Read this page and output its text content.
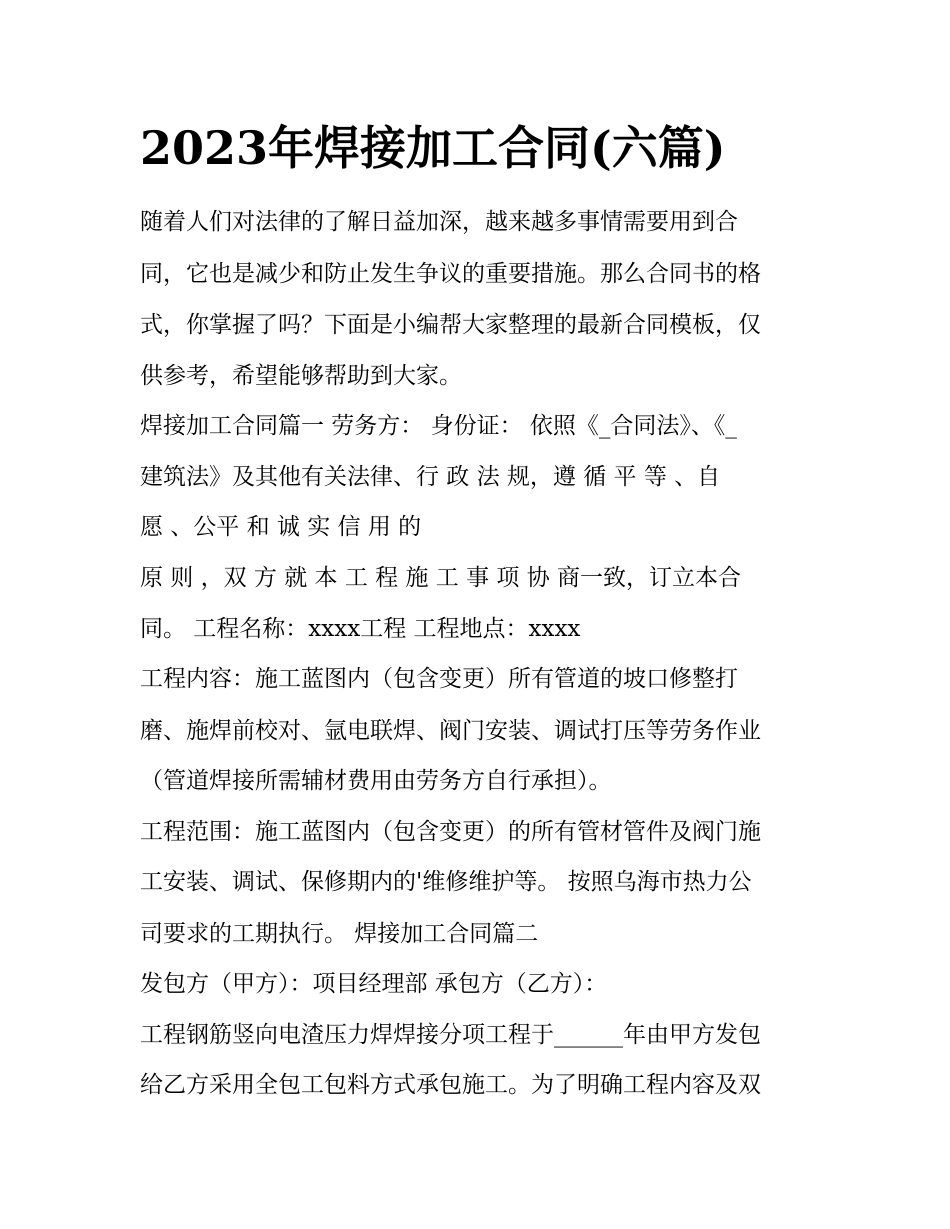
2023年焊接加工合同(六篇)

随着人们对法律的了解日益加深，越来越多事情需要用到合

同，它也是减少和防止发生争议的重要措施。那么合同书的格

式，你掌握了吗？下面是小编帮大家整理的最新合同模板，仅

供参考，希望能够帮助到大家。

焊接加工合同篇一 劳务方： 身份证： 依照《_合同法》、《_

建筑法》及其他有关法律、行 政 法 规，遵 循 平 等 、自

愿 、公平 和 诚 实 信 用 的

原 则 ，双 方 就 本 工 程 施 工 事 项 协 商一致，订立本合

同。 工程名称：xxxx工程 工程地点：xxxx

工程内容：施工蓝图内（包含变更）所有管道的坡口修整打

磨、施焊前校对、氩电联焊、阀门安装、调试打压等劳务作业

（管道焊接所需辅材费用由劳务方自行承担）。

工程范围：施工蓝图内（包含变更）的所有管材管件及阀门施

工安装、调试、保修期内的'维修维护等。 按照乌海市热力公

司要求的工期执行。 焊接加工合同篇二

发包方（甲方）：项目经理部 承包方（乙方）：

工程钢筋竖向电渣压力焊焊接分项工程于______年由甲方发包

给乙方采用全包工包料方式承包施工。为了明确工程内容及双
